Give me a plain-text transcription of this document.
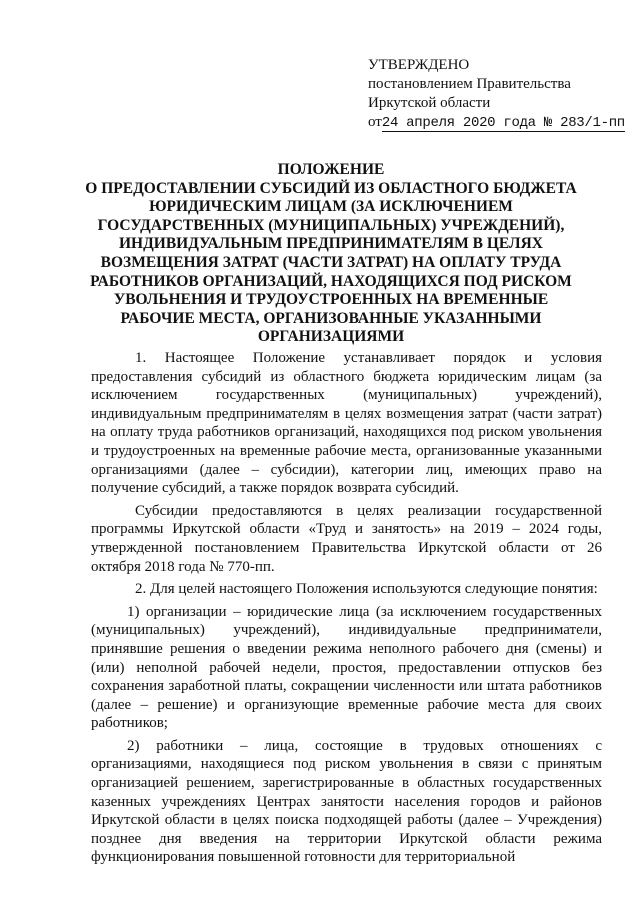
УТВЕРЖДЕНО
постановлением Правительства
Иркутской области
от24 апреля 2020 года № 283/1-пп
ПОЛОЖЕНИЕ
О ПРЕДОСТАВЛЕНИИ СУБСИДИЙ ИЗ ОБЛАСТНОГО БЮДЖЕТА
ЮРИДИЧЕСКИМ ЛИЦАМ (ЗА ИСКЛЮЧЕНИЕМ
ГОСУДАРСТВЕННЫХ (МУНИЦИПАЛЬНЫХ) УЧРЕЖДЕНИЙ),
ИНДИВИДУАЛЬНЫМ ПРЕДПРИНИМАТЕЛЯМ В ЦЕЛЯХ
ВОЗМЕЩЕНИЯ ЗАТРАТ (ЧАСТИ ЗАТРАТ) НА ОПЛАТУ ТРУДА
РАБОТНИКОВ ОРГАНИЗАЦИЙ, НАХОДЯЩИХСЯ ПОД РИСКОМ
УВОЛЬНЕНИЯ И ТРУДОУСТРОЕННЫХ НА ВРЕМЕННЫЕ
РАБОЧИЕ МЕСТА, ОРГАНИЗОВАННЫЕ УКАЗАННЫМИ
ОРГАНИЗАЦИЯМИ

1. Настоящее Положение устанавливает порядок и условия предоставления субсидий из областного бюджета юридическим лицам (за исключением государственных (муниципальных) учреждений), индивидуальным предпринимателям в целях возмещения затрат (части затрат) на оплату труда работников организаций, находящихся под риском увольнения и трудоустроенных на временные рабочие места, организованные указанными организациями (далее – субсидии), категории лиц, имеющих право на получение субсидий, а также порядок возврата субсидий.

Субсидии предоставляются в целях реализации государственной программы Иркутской области «Труд и занятость» на 2019 – 2024 годы, утвержденной постановлением Правительства Иркутской области от 26 октября 2018 года № 770-пп.

2. Для целей настоящего Положения используются следующие понятия:

1) организации – юридические лица (за исключением государственных (муниципальных) учреждений), индивидуальные предприниматели, принявшие решения о введении режима неполного рабочего дня (смены) и (или) неполной рабочей недели, простоя, предоставлении отпусков без сохранения заработной платы, сокращении численности или штата работников (далее – решение) и организующие временные рабочие места для своих работников;

2) работники – лица, состоящие в трудовых отношениях с организациями, находящиеся под риском увольнения в связи с принятым организацией решением, зарегистрированные в областных государственных казенных учреждениях Центрах занятости населения городов и районов Иркутской области в целях поиска подходящей работы (далее – Учреждения) позднее дня введения на территории Иркутской области режима функционирования повышенной готовности для территориальной
